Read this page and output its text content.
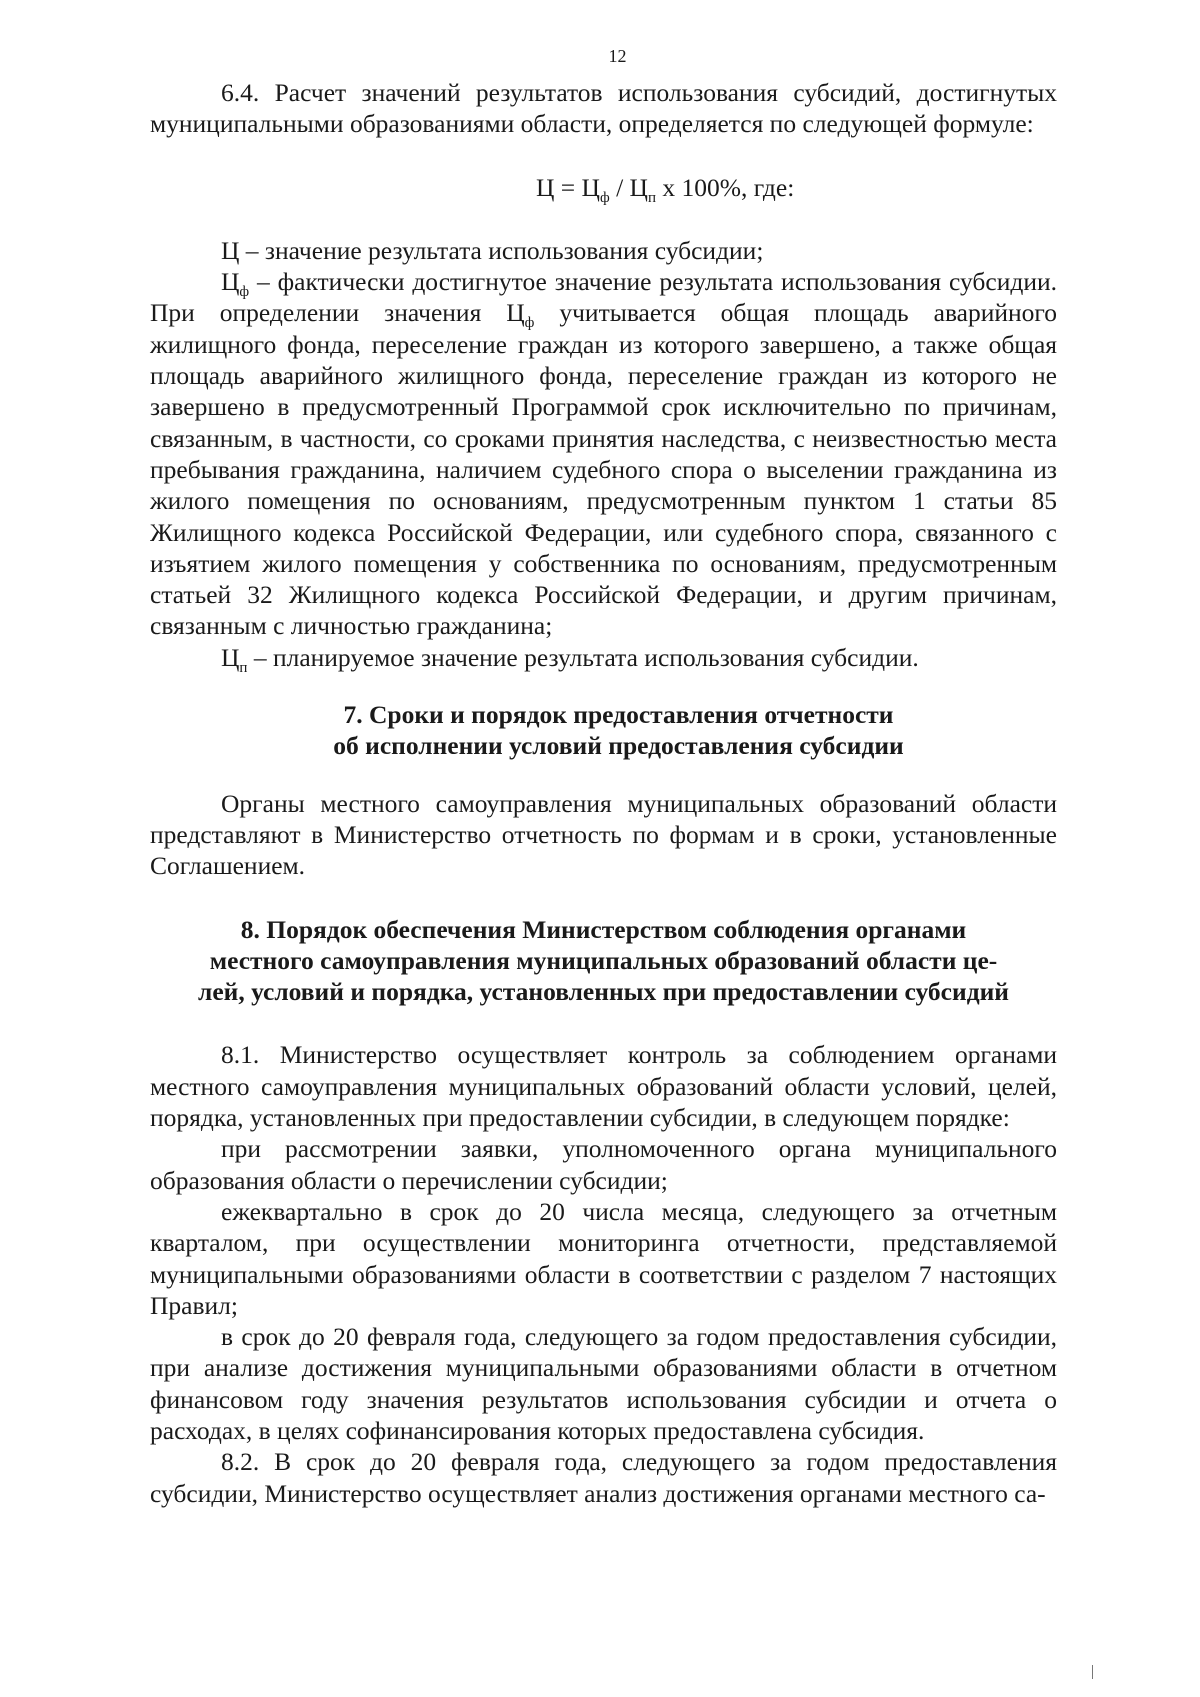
12

6.4. Расчет значений результатов использования субсидий, достигнутых муниципальными образованиями области, определяется по следующей формуле:

$Ц = Ц_ф / Ц_п$ х 100%, где:

Ц – значение результата использования субсидии;

$Ц_ф$ – фактически достигнутое значение результата использования субсидии. При определении значения $Ц_ф$ учитывается общая площадь аварийного жилищного фонда, переселение граждан из которого завершено, а также общая площадь аварийного жилищного фонда, переселение граждан из которого не завершено в предусмотренный Программой срок исключительно по причинам, связанным, в частности, со сроками принятия наследства, с неизвестностью места пребывания гражданина, наличием судебного спора о выселении гражданина из жилого помещения по основаниям, предусмотренным пунктом 1 статьи 85 Жилищного кодекса Российской Федерации, или судебного спора, связанного с изъятием жилого помещения у собственника по основаниям, предусмотренным статьей 32 Жилищного кодекса Российской Федерации, и другим причинам, связанным с личностью гражданина;

$Ц_п$ – планируемое значение результата использования субсидии.

7. Сроки и порядок предоставления отчетности
об исполнении условий предоставления субсидии

Органы местного самоуправления муниципальных образований области представляют в Министерство отчетность по формам и в сроки, установленные Соглашением.

8. Порядок обеспечения Министерством соблюдения органами
местного самоуправления муниципальных образований области це-
лей, условий и порядка, установленных при предоставлении субсидий

8.1. Министерство осуществляет контроль за соблюдением органами местного самоуправления муниципальных образований области условий, целей, порядка, установленных при предоставлении субсидии, в следующем порядке:

при рассмотрении заявки, уполномоченного органа муниципального образования области о перечислении субсидии;

ежеквартально в срок до 20 числа месяца, следующего за отчетным кварталом, при осуществлении мониторинга отчетности, представляемой муниципальными образованиями области в соответствии с разделом 7 настоящих Правил;

в срок до 20 февраля года, следующего за годом предоставления субсидии, при анализе достижения муниципальными образованиями области в отчетном финансовом году значения результатов использования субсидии и отчета о расходах, в целях софинансирования которых предоставлена субсидия.

8.2. В срок до 20 февраля года, следующего за годом предоставления субсидии, Министерство осуществляет анализ достижения органами местного са-
